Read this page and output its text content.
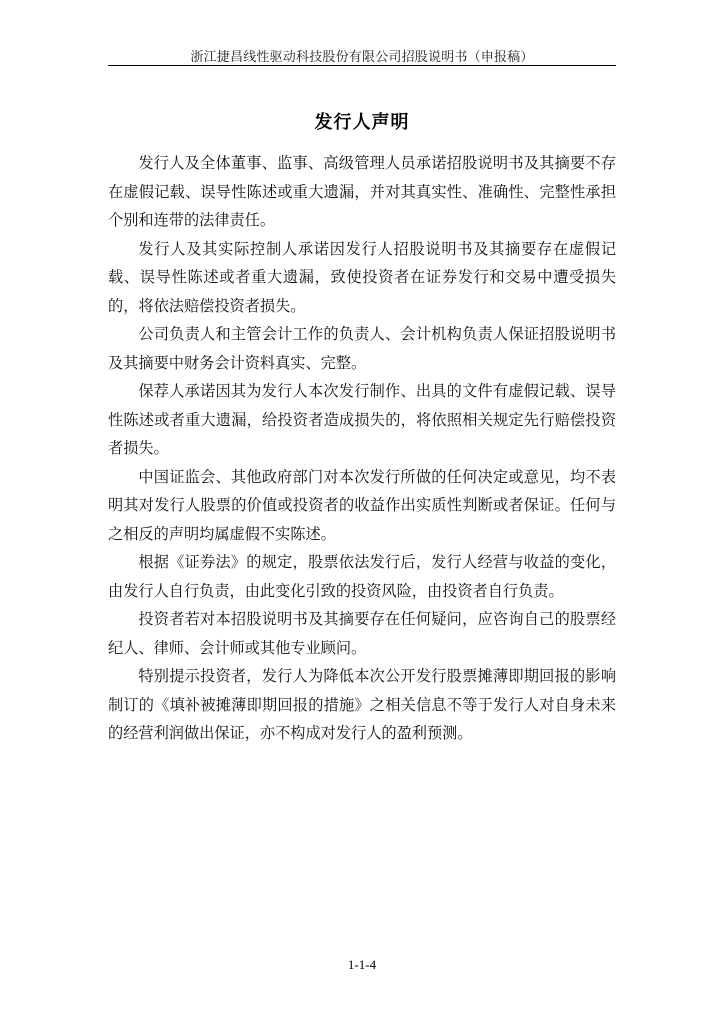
浙江捷昌线性驱动科技股份有限公司招股说明书（申报稿）
发行人声明

发行人及全体董事、监事、高级管理人员承诺招股说明书及其摘要不存在虚假记载、误导性陈述或重大遗漏，并对其真实性、准确性、完整性承担个别和连带的法律责任。

发行人及其实际控制人承诺因发行人招股说明书及其摘要存在虚假记载、误导性陈述或者重大遗漏，致使投资者在证券发行和交易中遭受损失的，将依法赔偿投资者损失。

公司负责人和主管会计工作的负责人、会计机构负责人保证招股说明书及其摘要中财务会计资料真实、完整。

保荐人承诺因其为发行人本次发行制作、出具的文件有虚假记载、误导性陈述或者重大遗漏，给投资者造成损失的，将依照相关规定先行赔偿投资者损失。

中国证监会、其他政府部门对本次发行所做的任何决定或意见，均不表明其对发行人股票的价值或投资者的收益作出实质性判断或者保证。任何与之相反的声明均属虚假不实陈述。

根据《证券法》的规定，股票依法发行后，发行人经营与收益的变化，由发行人自行负责，由此变化引致的投资风险，由投资者自行负责。

投资者若对本招股说明书及其摘要存在任何疑问，应咨询自己的股票经纪人、律师、会计师或其他专业顾问。

特别提示投资者，发行人为降低本次公开发行股票摊薄即期回报的影响制订的《填补被摊薄即期回报的措施》之相关信息不等于发行人对自身未来的经营利润做出保证，亦不构成对发行人的盈利预测。

1-1-4
